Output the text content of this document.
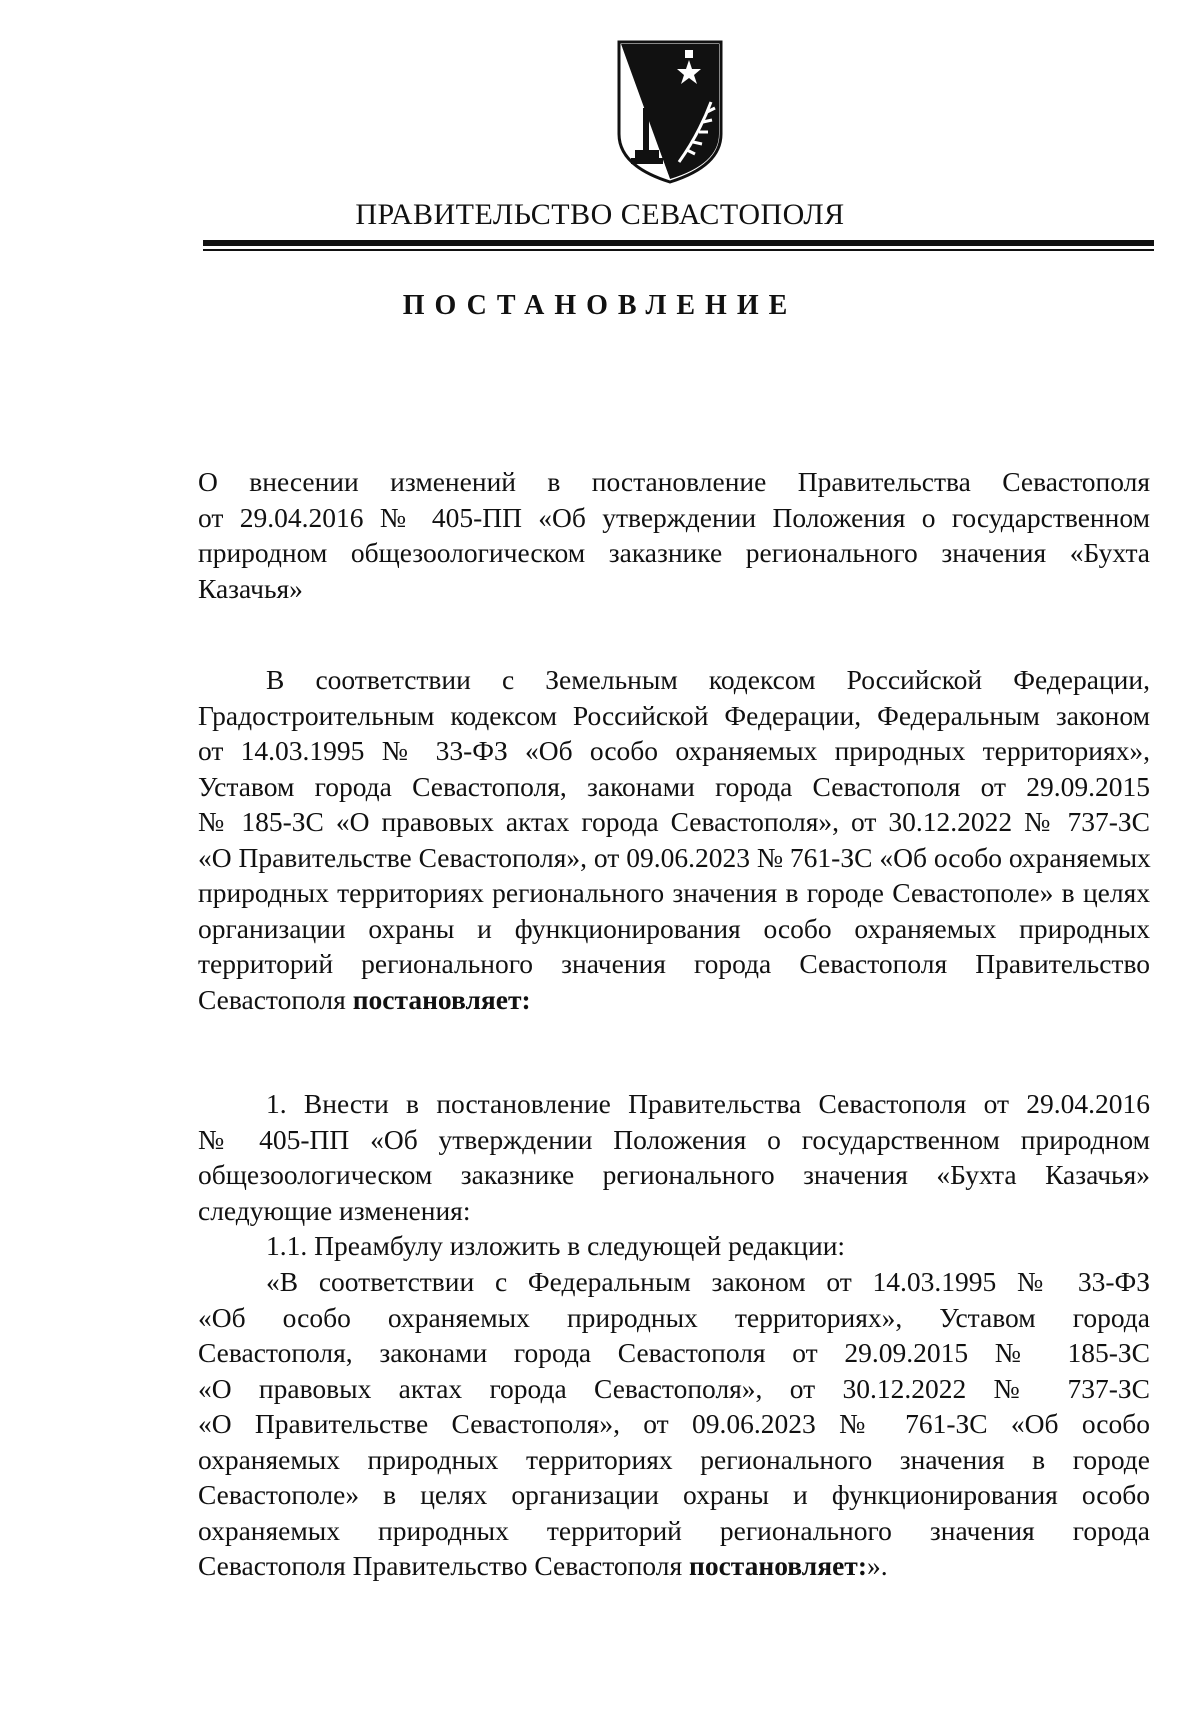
ПРАВИТЕЛЬСТВО СЕВАСТОПОЛЯ
ПОСТАНОВЛЕНИЕ
О внесении изменений в постановление Правительства Севастополя
от 29.04.2016 № 405-ПП «Об утверждении Положения о государственном
природном общезоологическом заказнике регионального значения «Бухта
Казачья»
В соответствии с Земельным кодексом Российской Федерации,
Градостроительным кодексом Российской Федерации, Федеральным законом
от 14.03.1995 № 33-ФЗ «Об особо охраняемых природных территориях»,
Уставом города Севастополя, законами города Севастополя от 29.09.2015
№ 185-ЗС «О правовых актах города Севастополя», от 30.12.2022 № 737-ЗС
«О Правительстве Севастополя», от 09.06.2023 № 761-ЗС «Об особо охраняемых
природных территориях регионального значения в городе Севастополе» в целях
организации охраны и функционирования особо охраняемых природных
территорий регионального значения города Севастополя Правительство
Севастополя постановляет:
1. Внести в постановление Правительства Севастополя от 29.04.2016
№ 405-ПП «Об утверждении Положения о государственном природном
общезоологическом заказнике регионального значения «Бухта Казачья»
следующие изменения:
1.1. Преамбулу изложить в следующей редакции:
«В соответствии с Федеральным законом от 14.03.1995 № 33-ФЗ
«Об особо охраняемых природных территориях», Уставом города
Севастополя, законами города Севастополя от 29.09.2015 № 185-ЗС
«О правовых актах города Севастополя», от 30.12.2022 № 737-ЗС
«О Правительстве Севастополя», от 09.06.2023 № 761-ЗС «Об особо
охраняемых природных территориях регионального значения в городе
Севастополе» в целях организации охраны и функционирования особо
охраняемых природных территорий регионального значения города
Севастополя Правительство Севастополя постановляет:».
